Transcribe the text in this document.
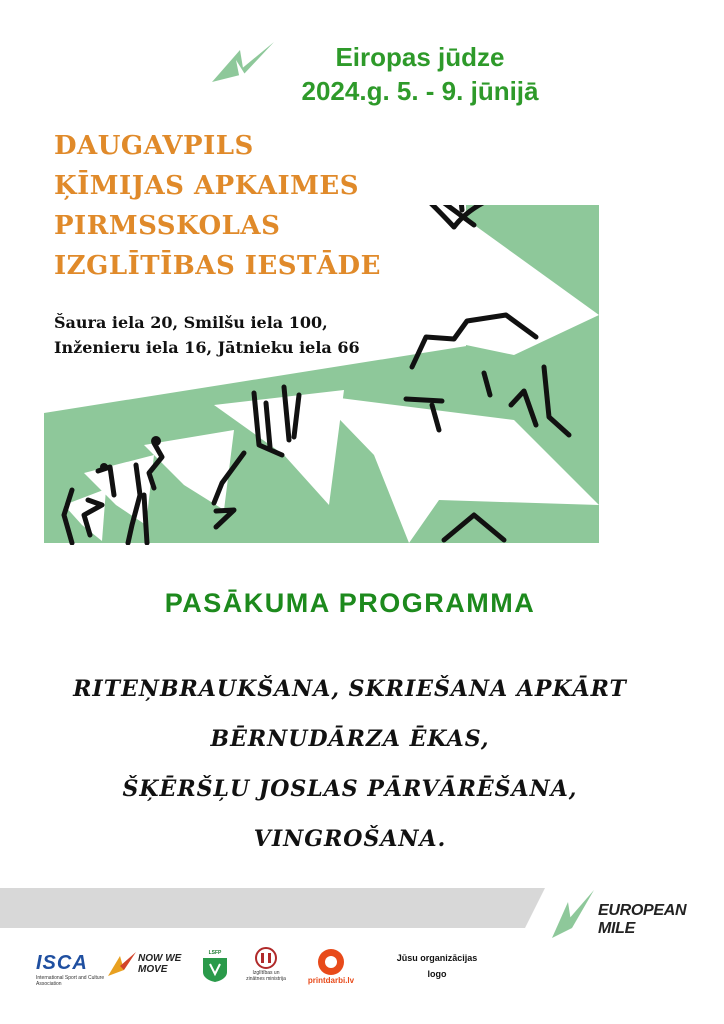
Eiropas jūdze
2024.g. 5. - 9. jūnijā
DAUGAVPILS
ĶĪMIJAS APKAIMES
PIRMSSKOLAS
IZGLĪTĪBAS IESTĀDE
Šaura iela 20, Smilšu iela 100,
Inženieru iela 16, Jātnieku iela 66
PASĀKUMA PROGRAMMA
RITEŅBRAUKŠANA, SKRIEŠANA APKĀRT
BĒRNUDĀRZA ĒKAS,
ŠĶĒRŠĻU JOSLAS PĀRVĀRĒŠANA,
VINGROŠANA.
EUROPEAN MILE
ISCA
International Sport and Culture Association
NOW WE MOVE
LSFP
Izglītības un zinātnes ministrija	printdarbi.lv
Jūsu organizācijas logo
